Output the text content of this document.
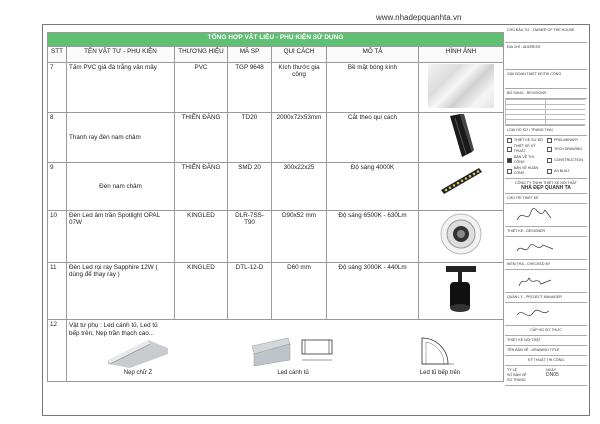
www.nhadepquanhta.vn
TỔNG HỢP VẬT LIỆU - PHỤ KIỆN SỬ DỤNG						
STT	TÊN VẬT TƯ - PHỤ KIỆN	THƯƠNG HIỆU	MÃ SP	QUI CÁCH	MÔ TẢ	HÌNH ẢNH
7	Tấm PVC giả đá trắng vân mây	PVC	TGP 9648	Kích thước gia công	Bề mặt bóng kính	

8	Thanh ray đèn nam châm	THIÊN ĐĂNG	TD20	2000x72x53mm	Cắt theo qui cách	
9	Đèn nam châm	THIÊN ĐĂNG	SMD 20	300x22x25	Độ sáng 4000K	
10	Đèn Led âm trần Spotlight OPAL 07W	KINGLED	DLR-7SS-T90	D90x52 mm	Độ sáng 6500K - 630Lm	
11	Đèn Led rọi ray Sapphire 12W ( dùng để thay ray )	KINGLED	DTL-12-D	D60 mm	Độ sáng 3000K - 440Lm	
12	Vật tư phụ : Led cánh tủ, Led tủ bếp trên, Nẹp trần thạch cao...
Nẹp chữ Z Led cánh tủ Led tủ bếp trên					
CHỦ ĐẦU TƯ - OWNER OF THE HOUSE
ĐỊA CHỈ - ADDRESS
GIAI ĐOẠN THIẾT KẾ/THI CÔNG
BỔ SUNG - REVISIONS
LOẠI HỒ SƠ / TRẠNG THÁI
THIẾT KẾ SƠ BỘ	PRELIMINARY
THIẾT KẾ KỸ THUẬT
TECH DRAWING
BẢN VẼ THI CÔNG
CONSTRUCTION
BẢN VẼ HOÀN CÔNG
AS BUILT
CÔNG TY TNHH THIẾT KẾ NỘI THẤT
NHÀ ĐẸP QUANH TA
CHỦ TRÌ THIẾT KẾ
THIẾT KẾ - DESIGNER
KIỂM TRA - CHECKED BY
QUẢN LÝ - PROJECT MANAGER
CẤP HỒ SƠ THỰC
THIẾT KẾ NỘI THẤT
TÊN BẢN VẼ - DRAWING TITLE
KỸ THUẬT THI CÔNG
TỶ LỆ	NGÀY
SỐ BẢN VẼ	DN05
SỐ TRANG
